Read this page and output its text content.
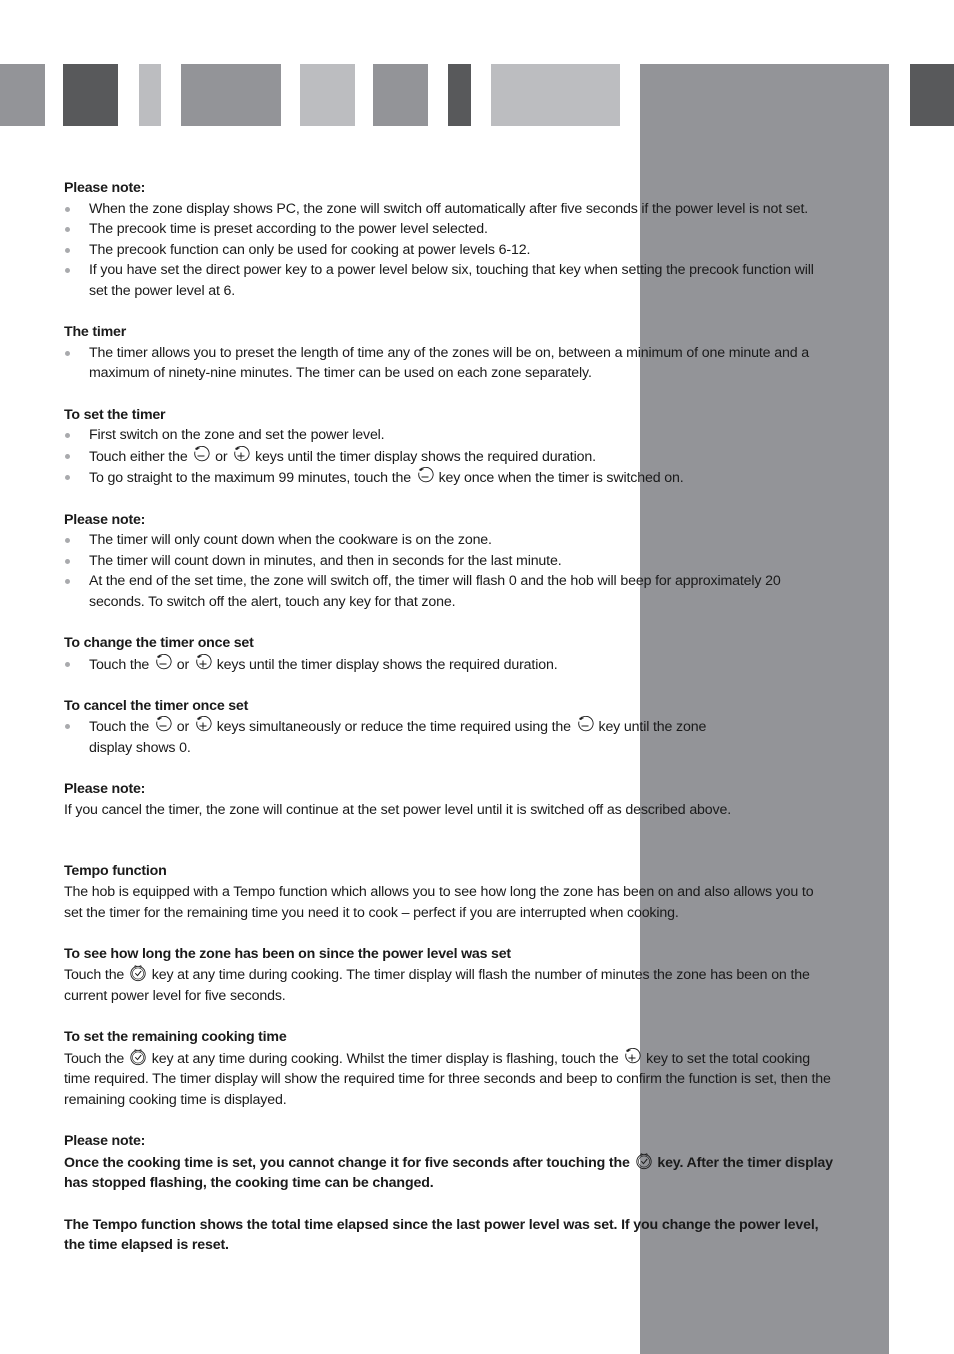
Please note:
When the zone display shows PC, the zone will switch off automatically after five seconds if the power level is not set.
The precook time is preset according to the power level selected.
The precook function can only be used for cooking at power levels 6-12.
If you have set the direct power key to a power level below six, touching that key when setting the precook function will set the power level at 6.
The timer
The timer allows you to preset the length of time any of the zones will be on, between a minimum of one minute and a maximum of ninety-nine minutes. The timer can be used on each zone separately.
To set the timer
First switch on the zone and set the power level.
Touch either the or keys until the timer display shows the required duration.
To go straight to the maximum 99 minutes, touch the key once when the timer is switched on.
Please note:
The timer will only count down when the cookware is on the zone.
The timer will count down in minutes, and then in seconds for the last minute.
At the end of the set time, the zone will switch off, the timer will flash 0 and the hob will beep for approximately 20 seconds. To switch off the alert, touch any key for that zone.
To change the timer once set
Touch the or keys until the timer display shows the required duration.
To cancel the timer once set
Touch the or keys simultaneously or reduce the time required using the key until the zone
display shows 0.
Please note:

If you cancel the timer, the zone will continue at the set power level until it is switched off as described above.

Tempo function

The hob is equipped with a Tempo function which allows you to see how long the zone has been on and also allows you to set the timer for the remaining time you need it to cook – perfect if you are interrupted when cooking.

To see how long the zone has been on since the power level was set

Touch the key at any time during cooking. The timer display will flash the number of minutes the zone has been on the current power level for five seconds.

To set the remaining cooking time

Touch the key at any time during cooking. Whilst the timer display is flashing, touch the key to set the total cooking time required. The timer display will show the required time for three seconds and beep to confirm the function is set, then the remaining cooking time is displayed.

Please note:

Once the cooking time is set, you cannot change it for five seconds after touching the key. After the timer display has stopped flashing, the cooking time can be changed.

The Tempo function shows the total time elapsed since the last power level was set. If you change the power level, the time elapsed is reset.
